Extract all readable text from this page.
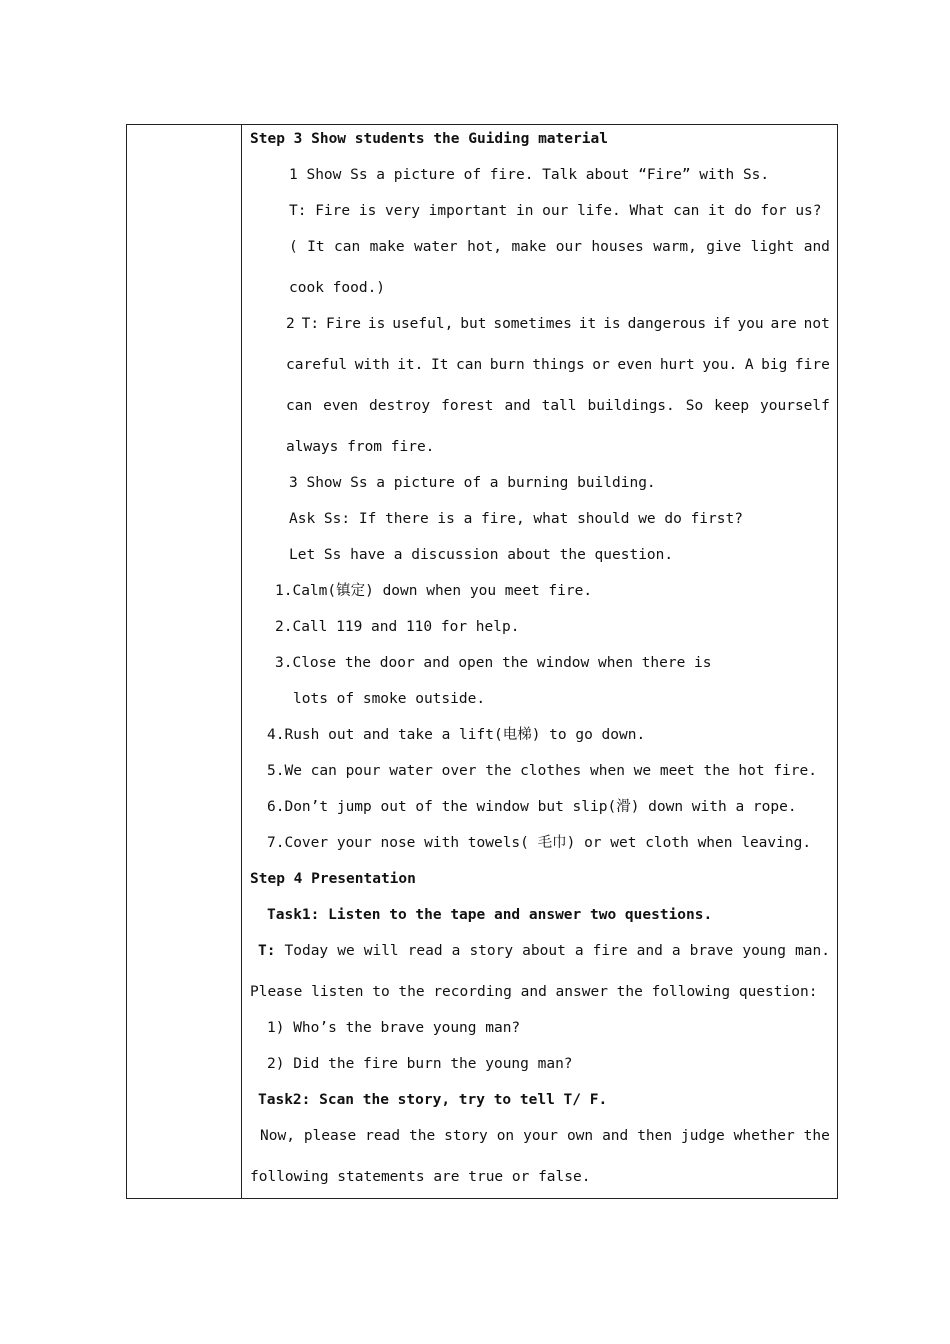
Step 3 Show students the Guiding material
1 Show Ss a picture of fire. Talk about “Fire” with Ss.
T: Fire is very important in our life. What can it do for us?
( It can make water hot, make our houses warm, give light and
cook food.)
2 T: Fire is useful, but sometimes it is dangerous if you are not
careful with it. It can burn things or even hurt you. A big fire
can even destroy forest and tall buildings. So keep yourself
always from fire.
3 Show Ss a picture of a burning building.
Ask Ss: If there is a fire, what should we do first?
Let Ss have a discussion about the question.
1.Calm(镇定) down when you meet fire.
2.Call 119 and 110 for help.
3.Close the door and open the window when there is
lots of smoke outside.
4.Rush out and take a lift(电梯) to go down.
5.We can pour water over the clothes when we meet the hot fire.
6.Don’t jump out of the window but slip(滑) down with a rope.
7.Cover your nose with towels( 毛巾) or wet cloth when leaving.
Step 4 Presentation
Task1: Listen to the tape and answer two questions.
T: Today we will read a story about a fire and a brave young man.
Please listen to the recording and answer the following question:
1) Who’s the brave young man?
2) Did the fire burn the young man?
Task2: Scan the story, try to tell T/ F.
Now, please read the story on your own and then judge whether the
following statements are true or false.
